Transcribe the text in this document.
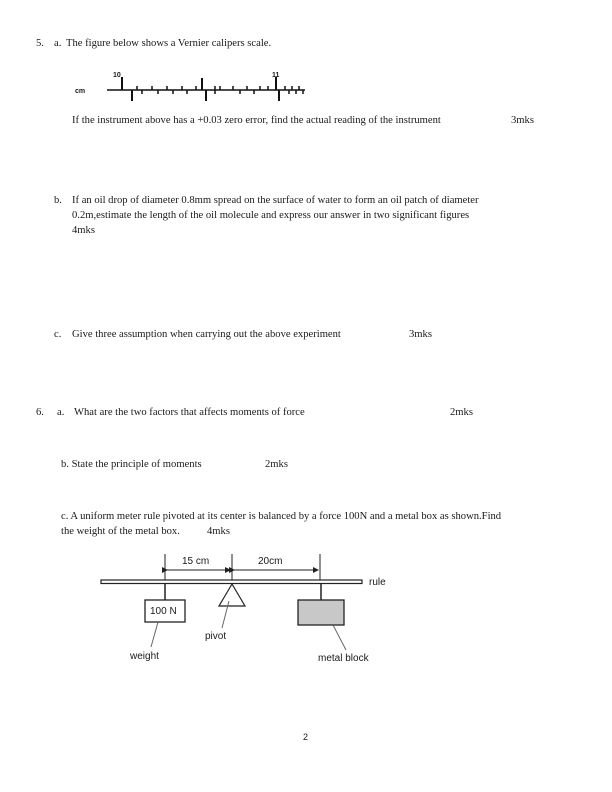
5. a. The figure below shows a Vernier calipers scale.
cm
10	11
If the instrument above has a +0.03 zero error, find the actual reading of the instrument	3mks
b. If an oil drop of diameter 0.8mm spread on the surface of water to form an oil patch of diameter
0.2m,estimate the length of the oil molecule and express our answer in two significant figures
4mks
c. Give three assumption when carrying out the above experiment	3mks
6. a. What are the two factors that affects moments of force	2mks
b. State the principle of moments	2mks
c. A uniform meter rule pivoted at its center is balanced by a force 100N and a metal box as shown.Find
the weight of the metal box.	4mks
15 cm	20cm
rule
100 N
pivot
weight	metal block
2
